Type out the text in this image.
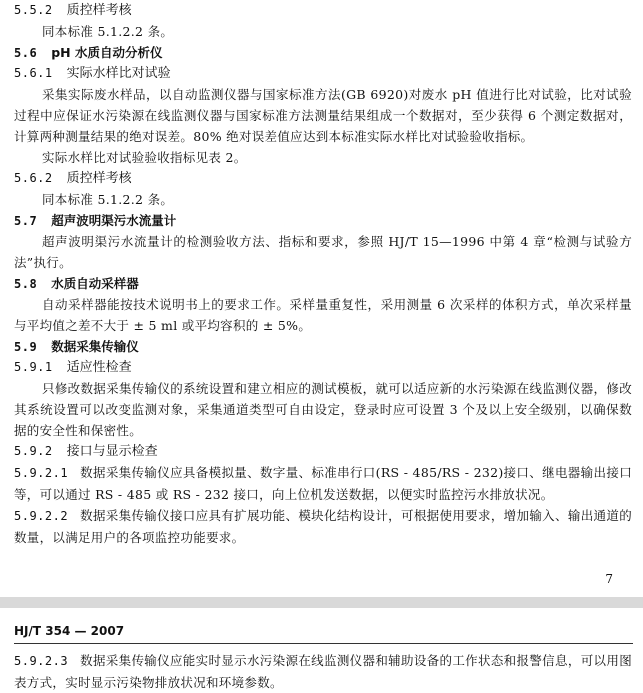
5.5.2 质控样考核
同本标准 5.1.2.2 条。
5.6 pH 水质自动分析仪
5.6.1 实际水样比对试验
采集实际废水样品，以自动监测仪器与国家标准方法(GB 6920)对废水 pH 值进行比对试验，比对试验过程中应保证水污染源在线监测仪器与国家标准方法测量结果组成一个数据对，至少获得 6 个测定数据对，计算两种测量结果的绝对误差。80% 绝对误差值应达到本标准实际水样比对试验验收指标。
实际水样比对试验验收指标见表 2。
5.6.2 质控样考核
同本标准 5.1.2.2 条。
5.7 超声波明渠污水流量计
超声波明渠污水流量计的检测验收方法、指标和要求，参照 HJ/T 15—1996 中第 4 章“检测与试验方法”执行。
5.8 水质自动采样器
自动采样器能按技术说明书上的要求工作。采样量重复性，采用测量 6 次采样的体积方式，单次采样量与平均值之差不大于 ± 5 ml 或平均容积的 ± 5%。
5.9 数据采集传输仪
5.9.1 适应性检查
只修改数据采集传输仪的系统设置和建立相应的测试模板，就可以适应新的水污染源在线监测仪器，修改其系统设置可以改变监测对象，采集通道类型可自由设定，登录时应可设置 3 个及以上安全级别，以确保数据的安全性和保密性。
5.9.2 接口与显示检查
5.9.2.1 数据采集传输仪应具备模拟量、数字量、标准串行口(RS - 485/RS - 232)接口、继电器输出接口等，可以通过 RS - 485 或 RS - 232 接口，向上位机发送数据，以便实时监控污水排放状况。
5.9.2.2 数据采集传输仪接口应具有扩展功能、模块化结构设计，可根据使用要求，增加输入、输出通道的数量，以满足用户的各项监控功能要求。
7
HJ/T 354 — 2007
5.9.2.3 数据采集传输仪应能实时显示水污染源在线监测仪器和辅助设备的工作状态和报警信息，可以用图表方式，实时显示污染物排放状况和环境参数。
